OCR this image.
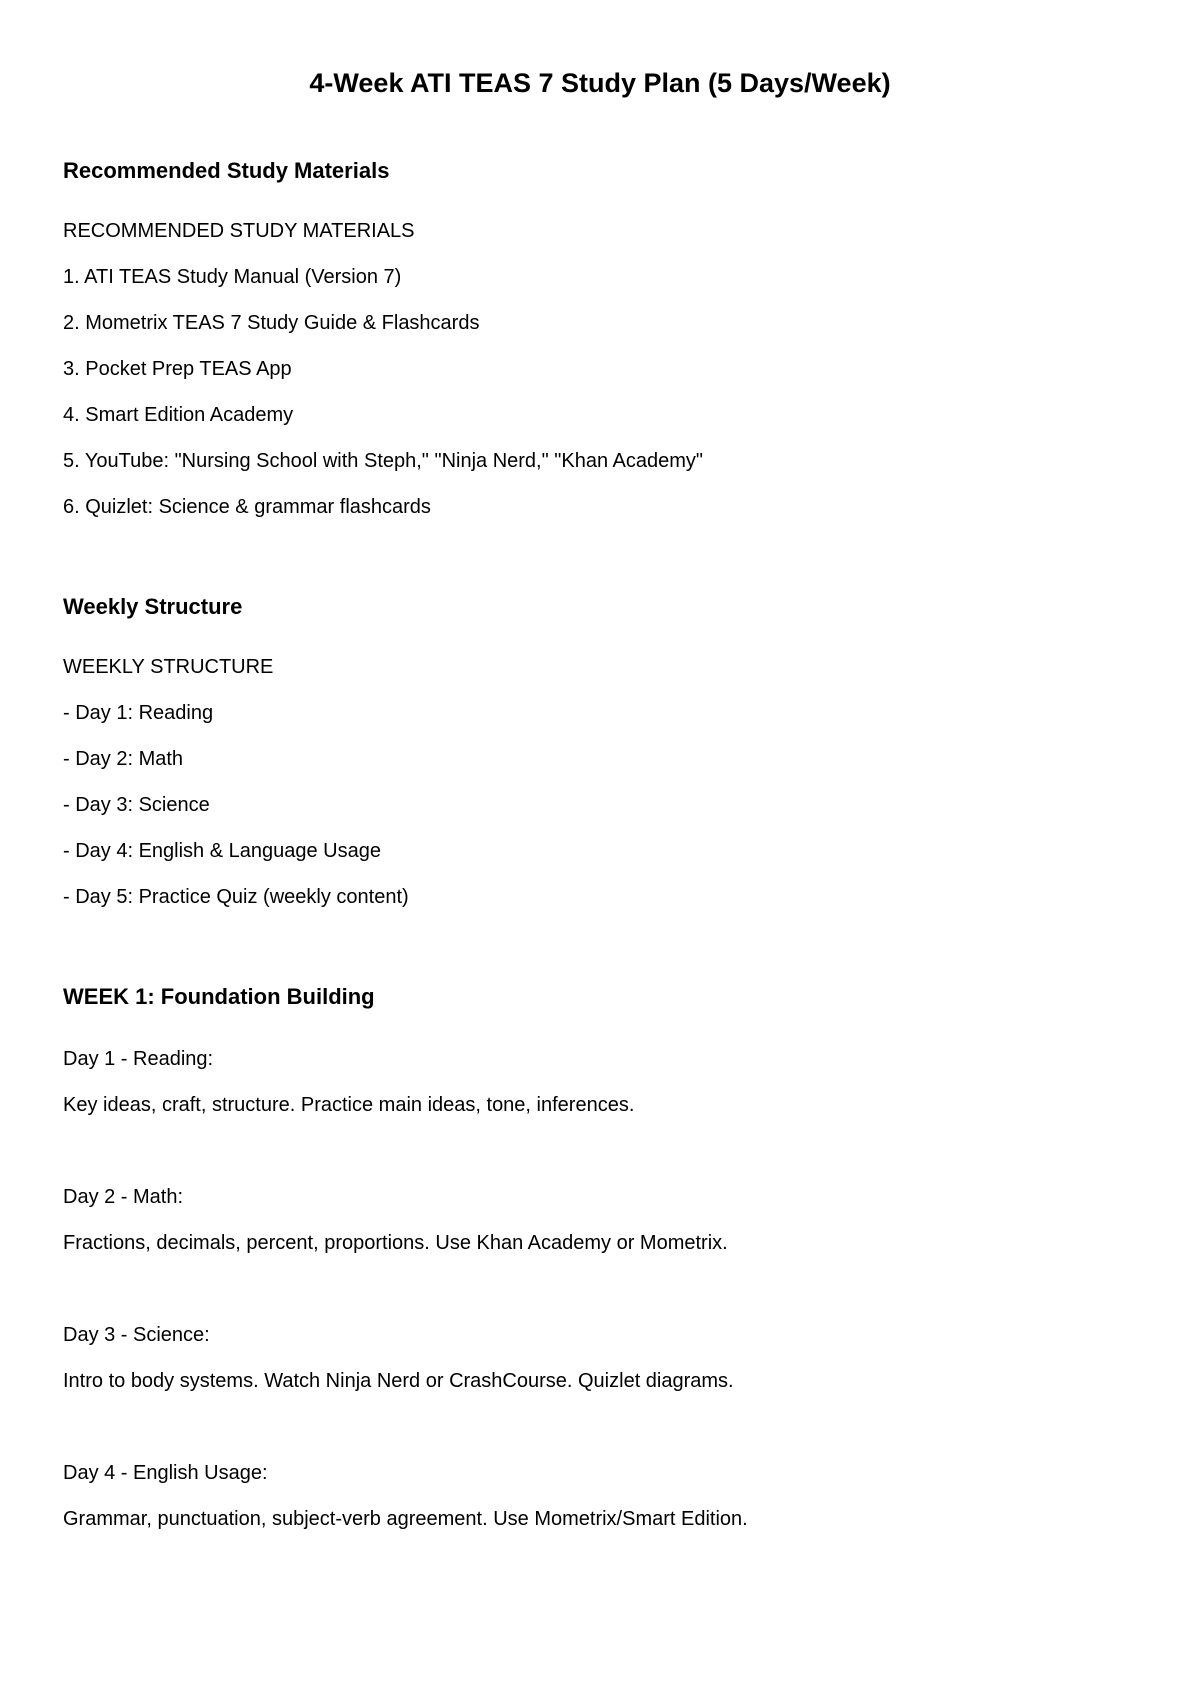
4-Week ATI TEAS 7 Study Plan (5 Days/Week)
Recommended Study Materials

RECOMMENDED STUDY MATERIALS

1. ATI TEAS Study Manual (Version 7)

2. Mometrix TEAS 7 Study Guide & Flashcards

3. Pocket Prep TEAS App

4. Smart Edition Academy

5. YouTube: "Nursing School with Steph," "Ninja Nerd," "Khan Academy"

6. Quizlet: Science & grammar flashcards

Weekly Structure

WEEKLY STRUCTURE

- Day 1: Reading

- Day 2: Math

- Day 3: Science

- Day 4: English & Language Usage

- Day 5: Practice Quiz (weekly content)

WEEK 1: Foundation Building

Day 1 - Reading:

Key ideas, craft, structure. Practice main ideas, tone, inferences.

Day 2 - Math:

Fractions, decimals, percent, proportions. Use Khan Academy or Mometrix.

Day 3 - Science:

Intro to body systems. Watch Ninja Nerd or CrashCourse. Quizlet diagrams.

Day 4 - English Usage:

Grammar, punctuation, subject-verb agreement. Use Mometrix/Smart Edition.
